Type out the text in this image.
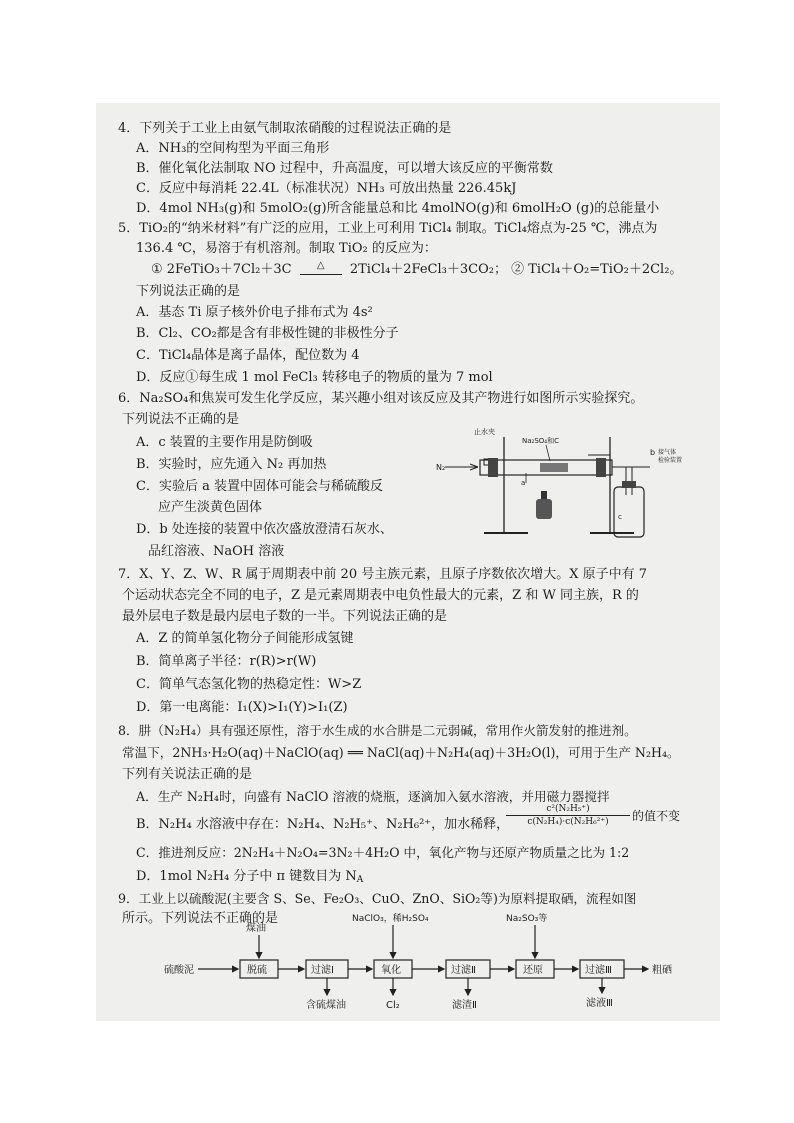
4．下列关于工业上由氨气制取浓硝酸的过程说法正确的是
A．NH₃的空间构型为平面三角形
B．催化氧化法制取 NO 过程中，升高温度，可以增大该反应的平衡常数
C．反应中每消耗 22.4L（标准状况）NH₃ 可放出热量 226.45kJ
D．4mol NH₃(g)和 5molO₂(g)所含能量总和比 4molNO(g)和 6molH₂O (g)的总能量小
5．TiO₂的“纳米材料”有广泛的应用，工业上可利用 TiCl₄ 制取。TiCl₄熔点为-25 ℃，沸点为
136.4 ℃，易溶于有机溶剂。制取 TiO₂ 的反应为：
① 2FeTiO₃＋7Cl₂＋3C	△ 2TiCl₄＋2FeCl₃＋3CO₂； ② TiCl₄＋O₂=TiO₂＋2Cl₂。
下列说法正确的是
A．基态 Ti 原子核外价电子排布式为 4s²
B．Cl₂、CO₂都是含有非极性键的非极性分子
C．TiCl₄晶体是离子晶体，配位数为 4
D．反应①每生成 1 mol FeCl₃ 转移电子的物质的量为 7 mol
6．Na₂SO₄和焦炭可发生化学反应，某兴趣小组对该反应及其产物进行如图所示实验探究。
下列说法不正确的是
A．c 装置的主要作用是防倒吸
B．实验时，应先通入 N₂ 再加热
C．实验后 a 装置中固体可能会与稀硫酸反
应产生淡黄色固体
D．b 处连接的装置中依次盛放澄清石灰水、
品红溶液、NaOH 溶液
N₂
止水夹
Na₂SO₄和C
a
b 接气体
检验装置
c
7．X、Y、Z、W、R 属于周期表中前 20 号主族元素，且原子序数依次增大。X 原子中有 7
个运动状态完全不同的电子，Z 是元素周期表中电负性最大的元素，Z 和 W 同主族，R 的
最外层电子数是最内层电子数的一半。下列说法正确的是
A．Z 的简单氢化物分子间能形成氢键
B．简单离子半径：r(R)>r(W)
C．简单气态氢化物的热稳定性：W>Z
D．第一电离能：I₁(X)>I₁(Y)>I₁(Z)
8．肼（N₂H₄）具有强还原性，溶于水生成的水合肼是二元弱碱，常用作火箭发射的推进剂。
常温下，2NH₃·H₂O(aq)＋NaClO(aq) ══ NaCl(aq)＋N₂H₄(aq)＋3H₂O(l)，可用于生产 N₂H₄。
下列有关说法正确的是
A．生产 N₂H₄时，向盛有 NaClO 溶液的烧瓶，逐滴加入氨水溶液，并用磁力器搅拌
B．N₂H₄ 水溶液中存在：N₂H₄、N₂H₅⁺、N₂H₆²⁺，加水稀释，
$\frac{\text{c²(N₂H₅⁺)}}{\text{c(N₂H₄)·c(N₂H₆²⁺)}}$ 的值不变
C．推进剂反应：2N₂H₄＋N₂O₄=3N₂＋4H₂O 中，氧化产物与还原产物质量之比为 1:2
D．1mol N₂H₄ 分子中 π 键数目为 $N_A$
9．工业上以硫酸泥(主要含 S、Se、Fe₂O₃、CuO、ZnO、SiO₂等)为原料提取硒，流程如图
所示。下列说法不正确的是
硫酸泥	脱硫
煤油
过滤Ⅰ
含硫煤油
氧化
NaClO₃，稀H₂SO₄
Cl₂
过滤Ⅱ
滤渣Ⅱ
还原
Na₂SO₃等
过滤Ⅲ
滤液Ⅲ
粗硒
